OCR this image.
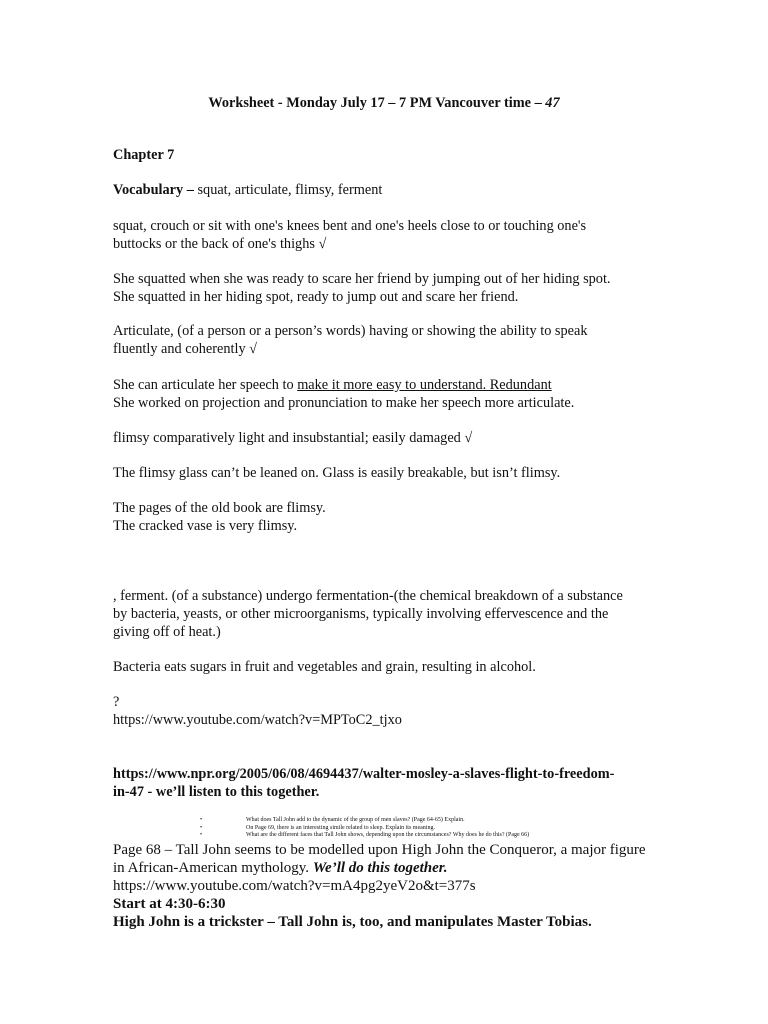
Worksheet - Monday July 17 – 7 PM Vancouver time – 47
Chapter 7
Vocabulary – squat, articulate, flimsy, ferment
squat, crouch or sit with one's knees bent and one's heels close to or touching one's
buttocks or the back of one's thighs √
She squatted when she was ready to scare her friend by jumping out of her hiding spot.
She squatted in her hiding spot, ready to jump out and scare her friend.
Articulate, (of a person or a person’s words) having or showing the ability to speak
fluently and coherently √
She can articulate her speech to make it more easy to understand. Redundant
She worked on projection and pronunciation to make her speech more articulate.
flimsy comparatively light and insubstantial; easily damaged √
The flimsy glass can’t be leaned on. Glass is easily breakable, but isn’t flimsy.
The pages of the old book are flimsy.
The cracked vase is very flimsy.
, ferment. (of a substance) undergo fermentation-(the chemical breakdown of a substance
by bacteria, yeasts, or other microorganisms, typically involving effervescence and the
giving off of heat.)
Bacteria eats sugars in fruit and vegetables and grain, resulting in alcohol.
?
https://www.youtube.com/watch?v=MPToC2_tjxo
https://www.npr.org/2005/06/08/4694437/walter-mosley-a-slaves-flight-to-freedom-
in-47 - we’ll listen to this together.
•	What does Tall John add to the dynamic of the group of men slaves? (Page 64-65) Explain.
•	On Page 69, there is an interesting simile related to sleep. Explain its meaning.
•	What are the different faces that Tall John shows, depending upon the circumstances? Why does he do this? (Page 66)
Page 68 – Tall John seems to be modelled upon High John the Conqueror, a major figure
in African-American mythology. We’ll do this together.
https://www.youtube.com/watch?v=mA4pg2yeV2o&t=377s
Start at 4:30-6:30
High John is a trickster – Tall John is, too, and manipulates Master Tobias.
